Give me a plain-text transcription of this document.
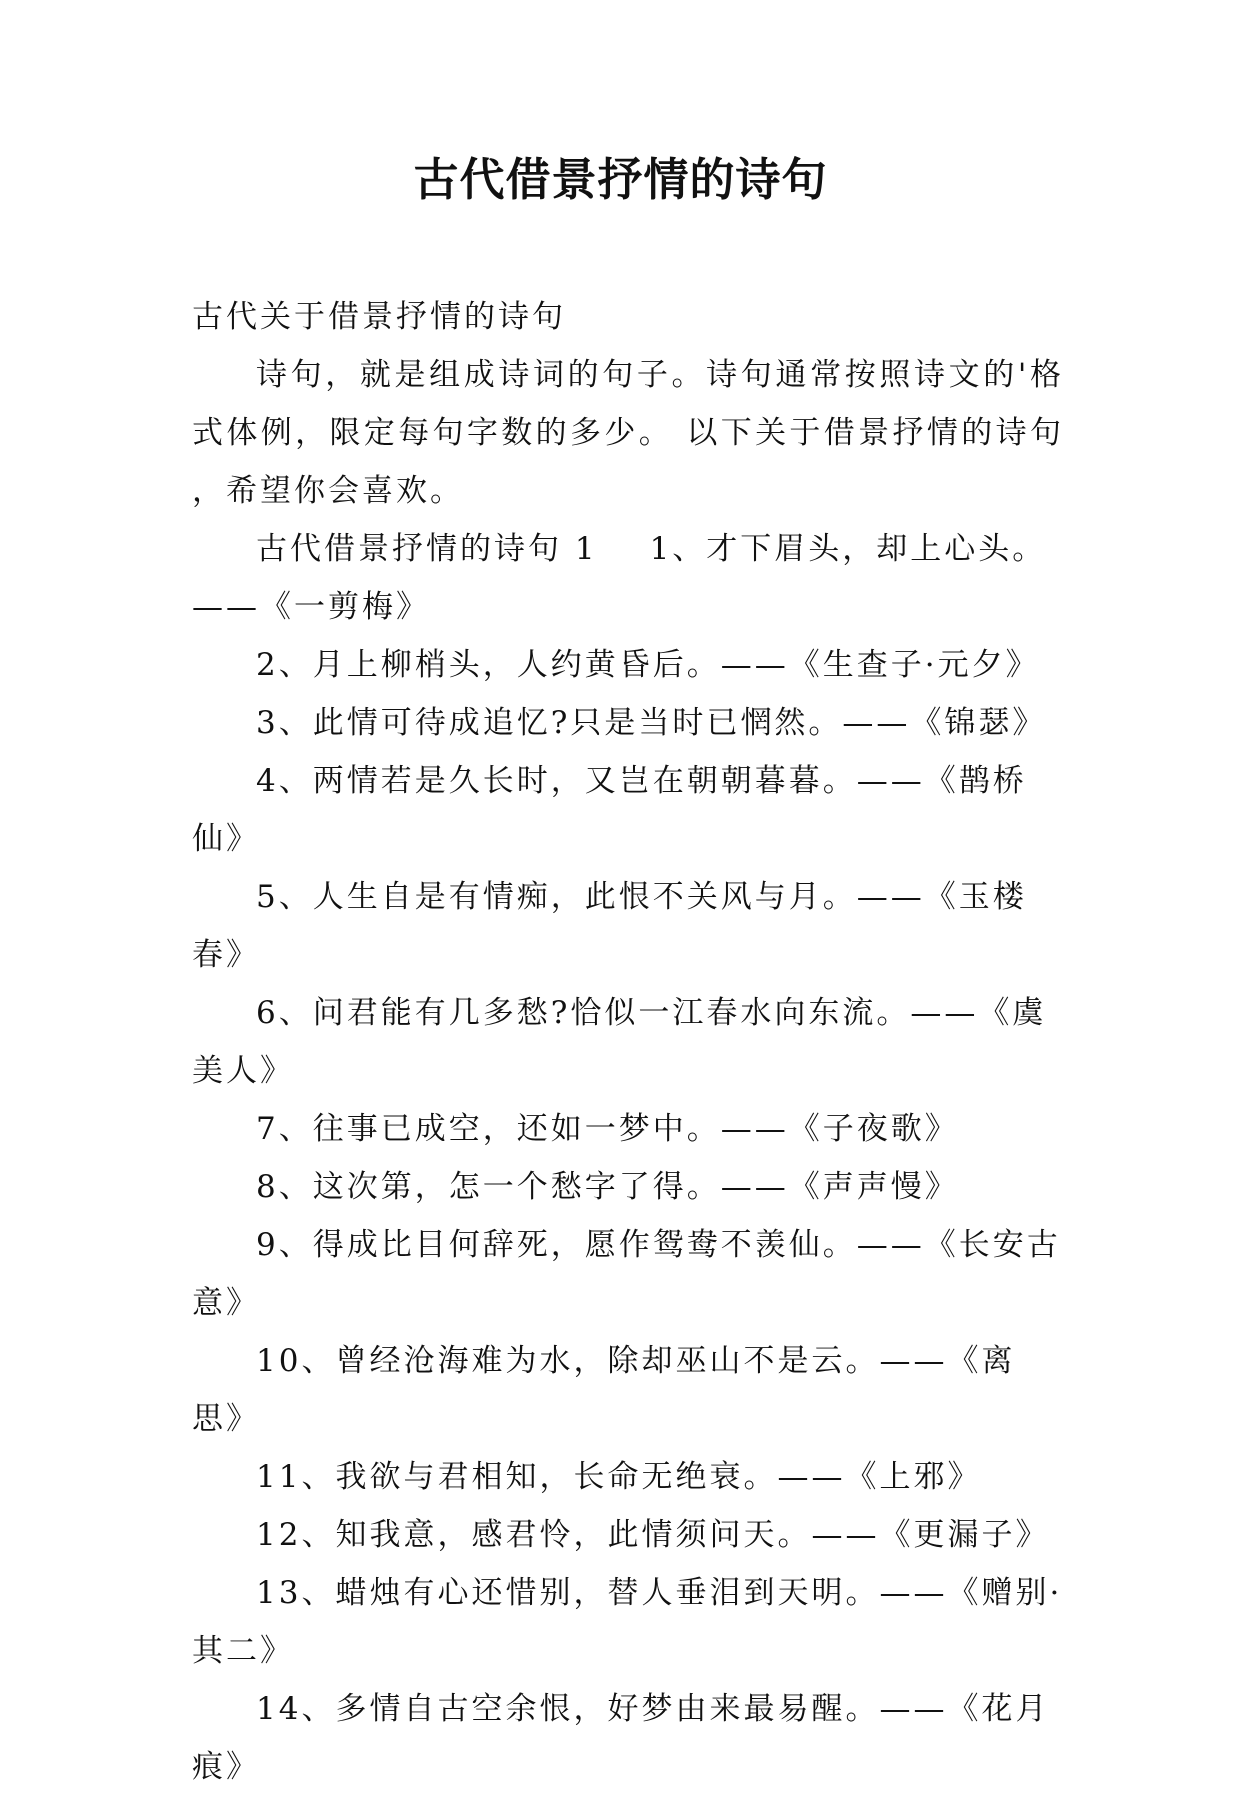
古代借景抒情的诗句

古代关于借景抒情的诗句

诗句，就是组成诗词的句子。诗句通常按照诗文的'格式体例，限定每句字数的多少。 以下关于借景抒情的诗句 ，希望你会喜欢。

古代借景抒情的诗句 1 1、才下眉头，却上心头。

——《一剪梅》

2、月上柳梢头，人约黄昏后。——《生查子·元夕》
3、此情可待成追忆?只是当时已惘然。——《锦瑟》
4、两情若是久长时，又岂在朝朝暮暮。——《鹊桥仙》
5、人生自是有情痴，此恨不关风与月。——《玉楼春》
6、问君能有几多愁?恰似一江春水向东流。——《虞美人》
7、往事已成空，还如一梦中。——《子夜歌》
8、这次第，怎一个愁字了得。——《声声慢》
9、得成比目何辞死，愿作鸳鸯不羡仙。——《长安古意》
10、曾经沧海难为水，除却巫山不是云。——《离思》
11、我欲与君相知，长命无绝衰。——《上邪》
12、知我意，感君怜，此情须问天。——《更漏子》
13、蜡烛有心还惜别，替人垂泪到天明。——《赠别·其二》
14、多情自古空余恨，好梦由来最易醒。——《花月痕》
